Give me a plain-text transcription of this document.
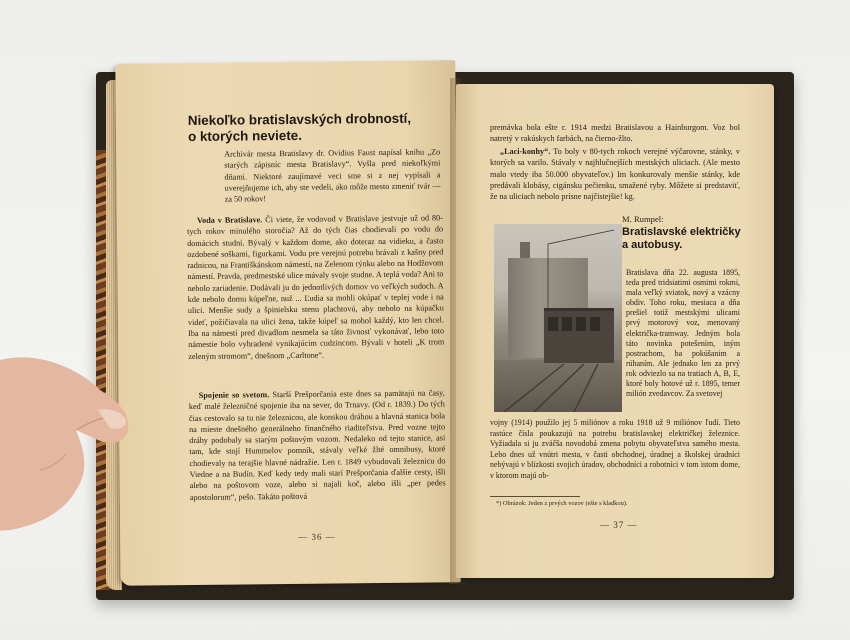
Niekoľko bratislavských drobností,
o ktorých neviete.
Archivár mesta Bratislavy dr. Ovidius Faust napísal knihu „Zo starých zápisníc mesta Bratislavy“. Vyšla pred niekoľkými dňami. Niektoré zaujímavé veci sme si z nej vypísali a uverejňujeme ich, aby ste vedeli, ako môže mesto zmeniť tvár — za 50 rokov!

Voda v Bratislave. Či viete, že vodovod v Bratislave jestvuje už od 80-tych rokov minulého storočia? Až do tých čias chodievali po vodu do domácich studní. Bývalý v každom dome, ako doteraz na vidieku, a často ozdobené soškami, figurkami. Vodu pre verejnú potrebu brávali z kašny pred radnicou, na Františkánskom námestí, na Zelenom rýnku alebo na Hodžovom námestí. Pravda, predmestské ulice mávaly svoje studne. A teplá voda? Ani to nebolo zariadenie. Dodávali ju do jednotlivých domov vo veľkých sudoch. A kde nebolo domu kúpeľne, nuž ... Ľudia sa mohli okúpať v teplej vode i na ulici. Menšie sudy a špinielsku stenu plachtovú, aby nebolo na kúpačku videť, požičiavala na ulici žena, takže kúpeľ sa mohol každý, kto len chcel. Iba na námestí pred divadlom nesmela sa táto živnosť vykonávať, lebo toto námestie bolo vyhradené vynikajúcim cudzincom. Bývali v hoteli „K trom zeleným stromom“, dnešnom „Carltone“.

Spojenie so svetom. Starší Prešporčania este dnes sa pamätajú na časy, keď malé železničné spojenie iba na sever, do Trnavy. (Od r. 1839.) Do tých čias cestovalo sa tu nie železnicou, ale konskou dráhou a hlavná stanica bola na mieste dnešného generálneho finančného riaditeľstva. Pred vozne tejto dráhy podobaly sa starým poštovým vozom. Nedaleko od tejto stanice, asi tam, kde stojí Hummelov pomník, stávaly veľké žlté omnibusy, ktoré chodievaly na terajšie hlavné nádražie. Len r. 1849 vybudovali železnicu do Viedne a na Budín. Keď kedy tedy mali starí Prešporčania ďalšie cesty, išli alebo na poštovom voze, alebo si najali koč, alebo išli „per pedes apostolorum“, pešo. Takáto poštová

— 36 —
premávka bola ešte r. 1914 medzi Bratislavou a Hainburgom. Voz bol natretý v rakúskych farbách, na čierno-žlto.

„Laci-konhy“. To boly v 80-tych rokoch verejné výčarovne, stánky, v ktorých sa varilo. Stávaly v najhlučnejších mestských uliciach. (Ale mesto malo vtedy iba 50.000 obyvateľov.) Im konkurovaly menšie stánky, kde predávali klobásy, cigánsku pečienku, smažené ryby. Môžete si predstaviť, že na uliciach nebolo prísne najčistejšie! kg.

M. Rumpel:
Bratislavské električky
a autobusy.
Bratislava dňa 22. augusta 1895, teda pred tridsiatimi osmimi rokmi, mala veľký sviatok, nový a vzácny obdiv. Toho roku, mesiaca a dňa prešiel totiž mestskými ulicami prvý motorový voz, menovaný električka-tramway. Jedným bola táto novinka potešením, iným postrachom, ba pokúšanim a rúhaním. Ale jednako len za prvý rok odviezlo sa na tratiach A, B, E, ktoré boly hotové už r. 1895, temer milión zvedavcov. Za svetovej
vojny (1914) použilo jej 5 miliónov a roku 1918 už 9 miliónov ľudí. Tieto rastúce čísla poukazujú na potrebu bratislavskej električkej železnice. Vyžiadala si ju zväčša novodobá zmena pobytu obyvateľstva samého mesta. Lebo dnes už vnútri mesta, v časti obchodnej, úradnej a školskej úradníci nebývajú v blízkosti svojich úradov, obchodníci a robotníci v tom istom dome, v ktorom majú ob-
*) Obrázok: Jeden z prvých vozov (ešte s kladkou).
— 37 —
